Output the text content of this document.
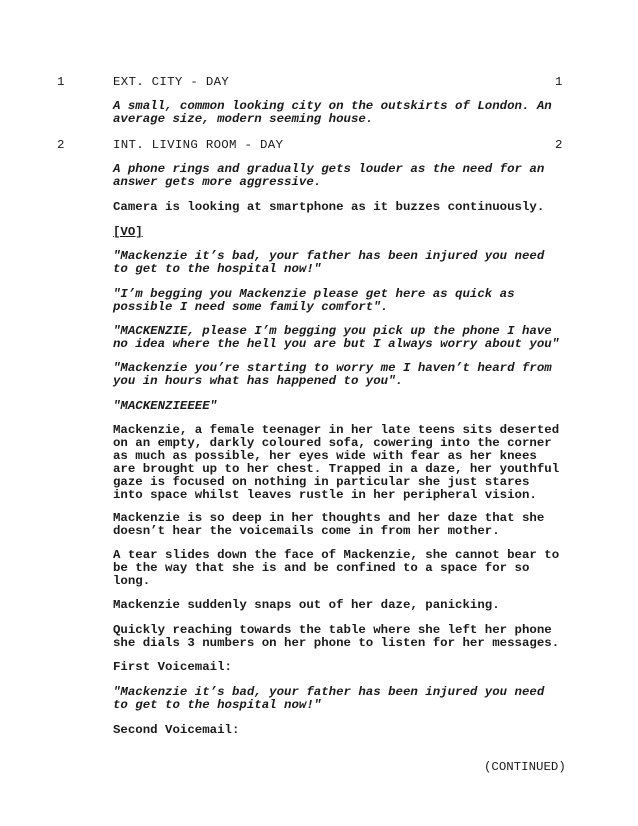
1	EXT. CITY - DAY	1

A small, common looking city on the outskirts of London. An
average size, modern seeming house.

2	INT. LIVING ROOM - DAY	2

A phone rings and gradually gets louder as the need for an
answer gets more aggressive.

Camera is looking at smartphone as it buzzes continuously.

[VO]

"Mackenzie it’s bad, your father has been injured you need
to get to the hospital now!"

"I’m begging you Mackenzie please get here as quick as
possible I need some family comfort".

"MACKENZIE, please I’m begging you pick up the phone I have
no idea where the hell you are but I always worry about you"

"Mackenzie you’re starting to worry me I haven’t heard from
you in hours what has happened to you".

"MACKENZIEEEE"

Mackenzie, a female teenager in her late teens sits deserted
on an empty, darkly coloured sofa, cowering into the corner
as much as possible, her eyes wide with fear as her knees
are brought up to her chest. Trapped in a daze, her youthful
gaze is focused on nothing in particular she just stares
into space whilst leaves rustle in her peripheral vision.

Mackenzie is so deep in her thoughts and her daze that she
doesn’t hear the voicemails come in from her mother.

A tear slides down the face of Mackenzie, she cannot bear to
be the way that she is and be confined to a space for so
long.

Mackenzie suddenly snaps out of her daze, panicking.

Quickly reaching towards the table where she left her phone
she dials 3 numbers on her phone to listen for her messages.

First Voicemail:

"Mackenzie it’s bad, your father has been injured you need
to get to the hospital now!"

Second Voicemail:

(CONTINUED)
